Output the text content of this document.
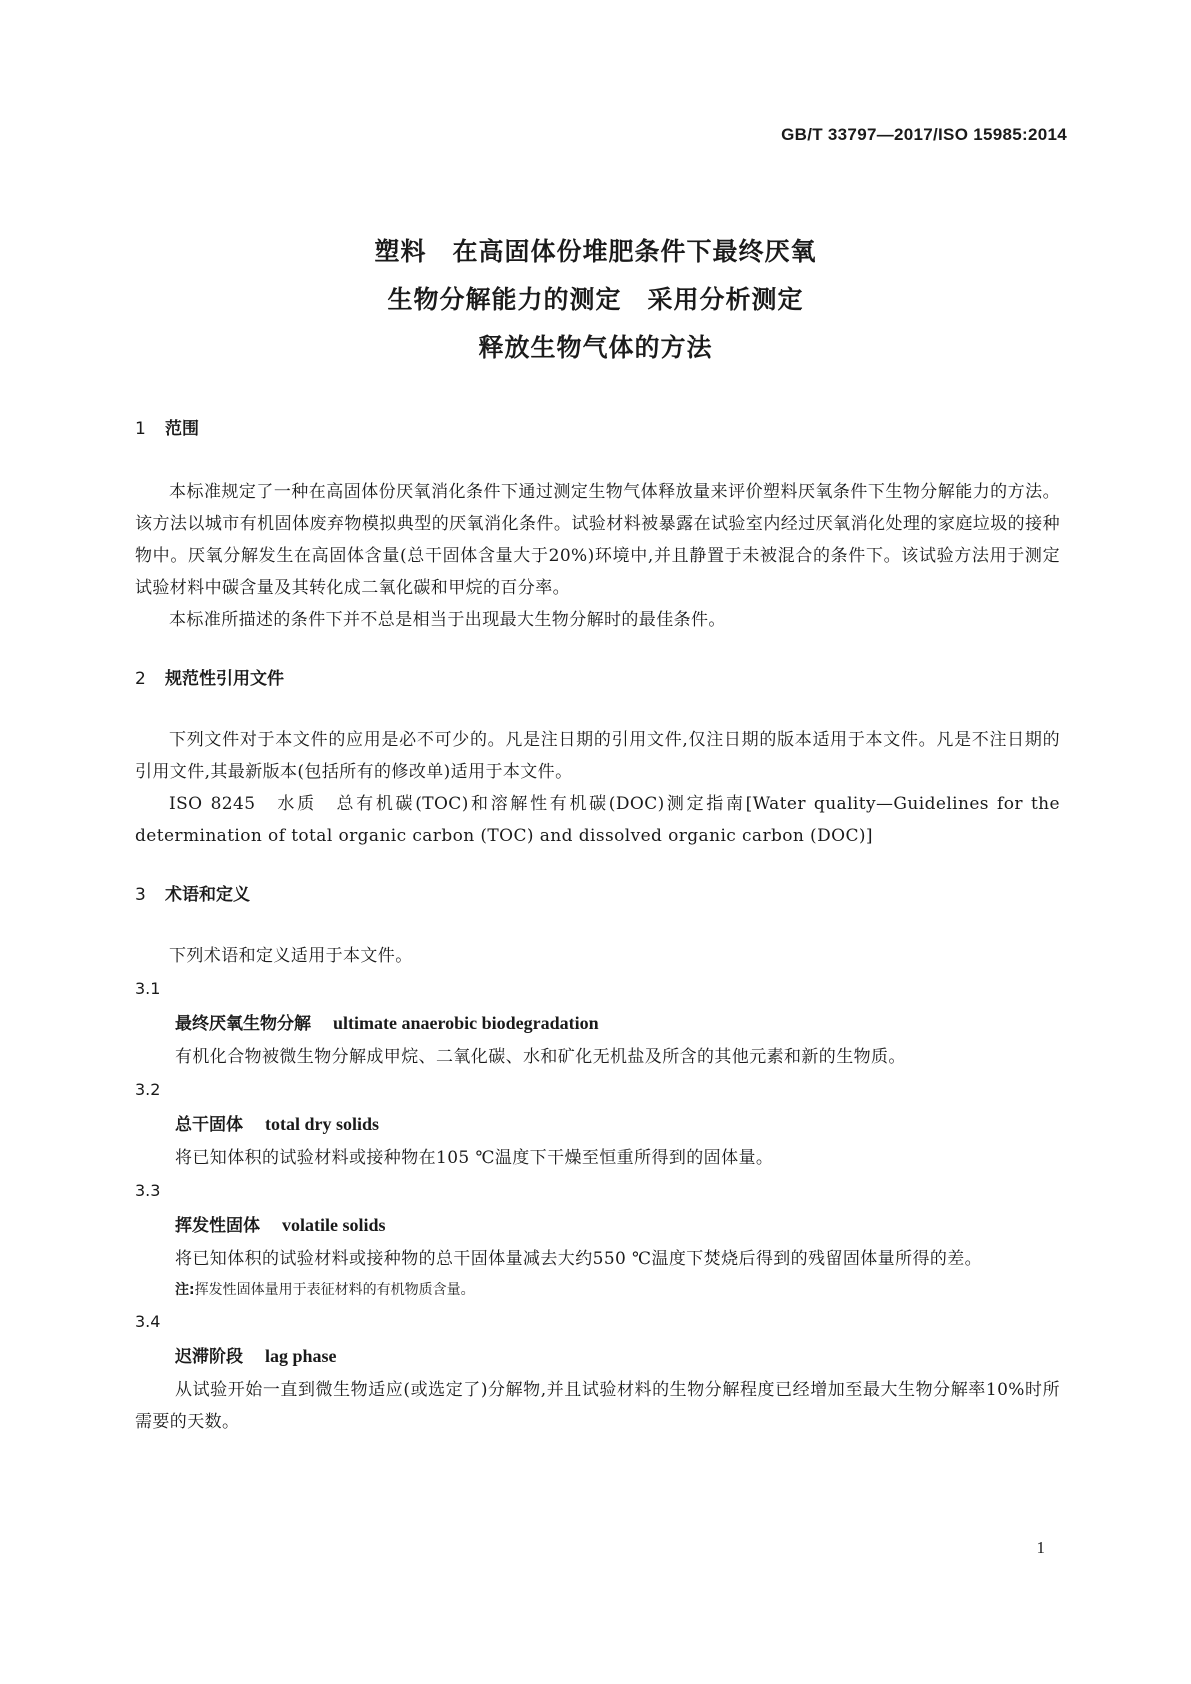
GB/T 33797—2017/ISO 15985:2014
塑料　在高固体份堆肥条件下最终厌氧
生物分解能力的测定　采用分析测定
释放生物气体的方法
1 范围
本标准规定了一种在高固体份厌氧消化条件下通过测定生物气体释放量来评价塑料厌氧条件下生物分解能力的方法。该方法以城市有机固体废弃物模拟典型的厌氧消化条件。试验材料被暴露在试验室内经过厌氧消化处理的家庭垃圾的接种物中。厌氧分解发生在高固体含量(总干固体含量大于20%)环境中,并且静置于未被混合的条件下。该试验方法用于测定试验材料中碳含量及其转化成二氧化碳和甲烷的百分率。
本标准所描述的条件下并不总是相当于出现最大生物分解时的最佳条件。
2 规范性引用文件
下列文件对于本文件的应用是必不可少的。凡是注日期的引用文件,仅注日期的版本适用于本文件。凡是不注日期的引用文件,其最新版本(包括所有的修改单)适用于本文件。
ISO 8245　水质　总有机碳(TOC)和溶解性有机碳(DOC)测定指南[Water quality—Guidelines for the determination of total organic carbon (TOC) and dissolved organic carbon (DOC)]
3 术语和定义
下列术语和定义适用于本文件。
3.1
最终厌氧生物分解 ultimate anaerobic biodegradation
有机化合物被微生物分解成甲烷、二氧化碳、水和矿化无机盐及所含的其他元素和新的生物质。
3.2
总干固体 total dry solids
将已知体积的试验材料或接种物在105 ℃温度下干燥至恒重所得到的固体量。
3.3
挥发性固体 volatile solids
将已知体积的试验材料或接种物的总干固体量减去大约550 ℃温度下焚烧后得到的残留固体量所得的差。
注:挥发性固体量用于表征材料的有机物质含量。
3.4
迟滞阶段 lag phase
从试验开始一直到微生物适应(或选定了)分解物,并且试验材料的生物分解程度已经增加至最大生物分解率10%时所需要的天数。
1
